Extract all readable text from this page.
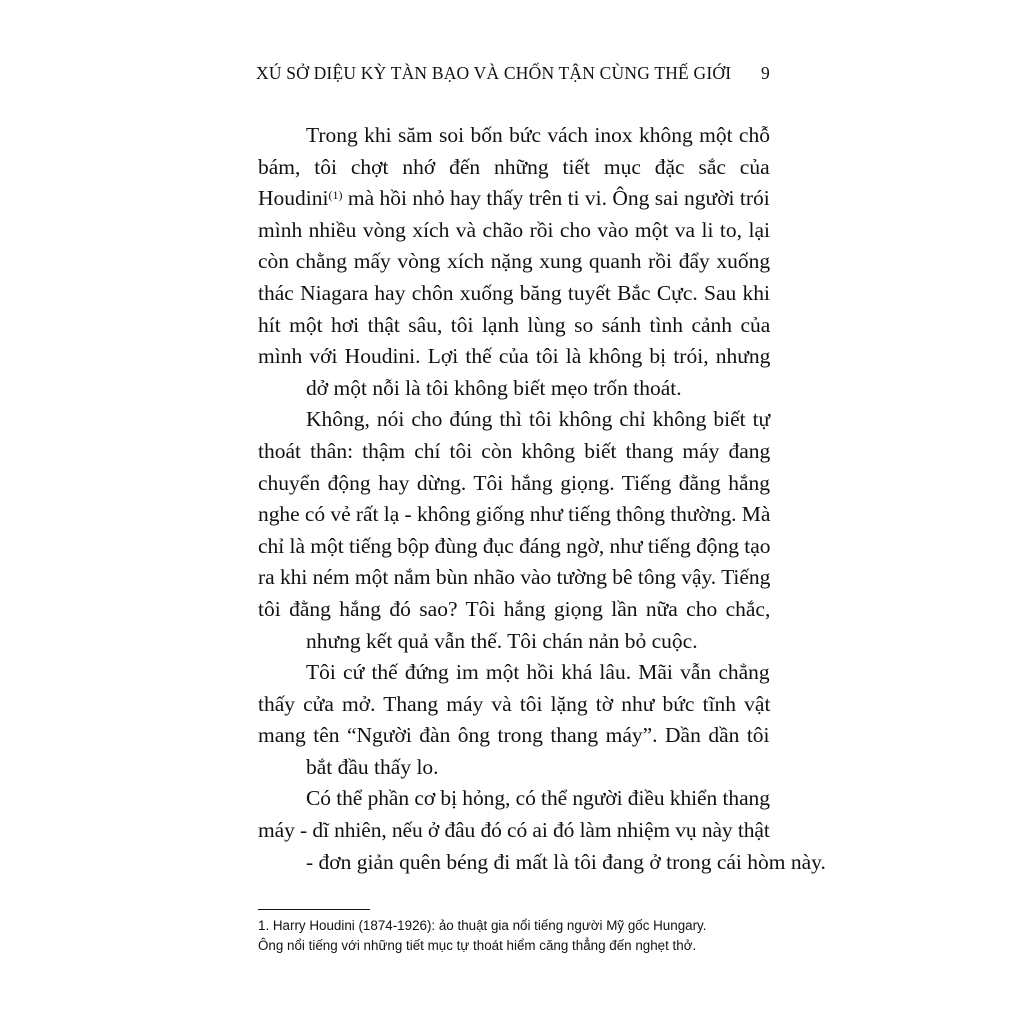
XÚ SỞ DIỆU KỲ TÀN BẠO VÀ CHỐN TẬN CÙNG THẾ GIỚI 9
Trong khi săm soi bốn bức vách inox không một chỗ
bám, tôi chợt nhớ đến những tiết mục đặc sắc của
Houdini$^{(1)}$ mà hồi nhỏ hay thấy trên ti vi. Ông sai người trói
mình nhiều vòng xích và chão rồi cho vào một va li to, lại
còn chằng mấy vòng xích nặng xung quanh rồi đẩy xuống
thác Niagara hay chôn xuống băng tuyết Bắc Cực. Sau khi
hít một hơi thật sâu, tôi lạnh lùng so sánh tình cảnh của
mình với Houdini. Lợi thế của tôi là không bị trói, nhưng
dở một nỗi là tôi không biết mẹo trốn thoát.
Không, nói cho đúng thì tôi không chỉ không biết tự
thoát thân: thậm chí tôi còn không biết thang máy đang
chuyển động hay dừng. Tôi hắng giọng. Tiếng đằng hắng
nghe có vẻ rất lạ - không giống như tiếng thông thường. Mà
chỉ là một tiếng bộp đùng đục đáng ngờ, như tiếng động tạo
ra khi ném một nắm bùn nhão vào tường bê tông vậy. Tiếng
tôi đằng hắng đó sao? Tôi hắng giọng lần nữa cho chắc,
nhưng kết quả vẫn thế. Tôi chán nản bỏ cuộc.
Tôi cứ thế đứng im một hồi khá lâu. Mãi vẫn chẳng
thấy cửa mở. Thang máy và tôi lặng tờ như bức tĩnh vật
mang tên “Người đàn ông trong thang máy”. Dần dần tôi
bắt đầu thấy lo.
Có thể phần cơ bị hỏng, có thể người điều khiển thang
máy - dĩ nhiên, nếu ở đâu đó có ai đó làm nhiệm vụ này thật
- đơn giản quên béng đi mất là tôi đang ở trong cái hòm này.
1. Harry Houdini (1874-1926): ảo thuật gia nổi tiếng người Mỹ gốc Hungary.
Ông nổi tiếng với những tiết mục tự thoát hiểm căng thẳng đến nghẹt thở.
